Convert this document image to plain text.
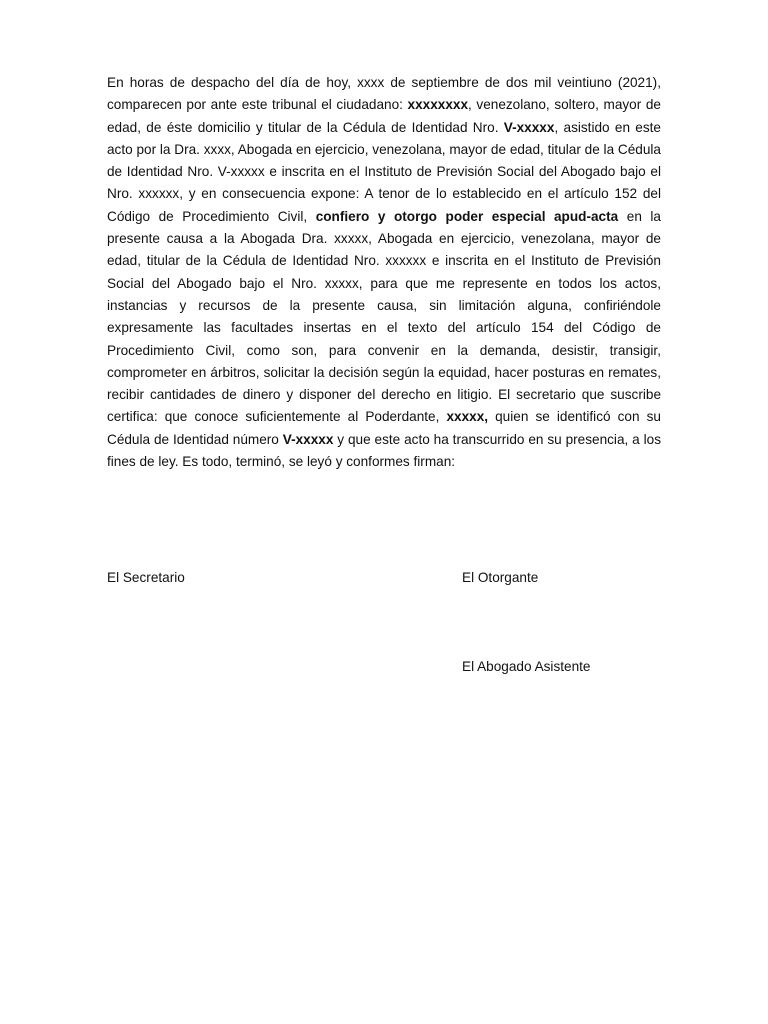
En horas de despacho del día de hoy, xxxx de septiembre de dos mil veintiuno (2021), comparecen por ante este tribunal el ciudadano: xxxxxxxx, venezolano, soltero, mayor de edad, de éste domicilio y titular de la Cédula de Identidad Nro. V-xxxxx, asistido en este acto por la Dra. xxxx, Abogada en ejercicio, venezolana, mayor de edad, titular de la Cédula de Identidad Nro. V-xxxxx e inscrita en el Instituto de Previsión Social del Abogado bajo el Nro. xxxxxx, y en consecuencia expone: A tenor de lo establecido en el artículo 152 del Código de Procedimiento Civil, confiero y otorgo poder especial apud-acta en la presente causa a la Abogada Dra. xxxxx, Abogada en ejercicio, venezolana, mayor de edad, titular de la Cédula de Identidad Nro. xxxxxx e inscrita en el Instituto de Previsión Social del Abogado bajo el Nro. xxxxx, para que me represente en todos los actos, instancias y recursos de la presente causa, sin limitación alguna, confiriéndole expresamente las facultades insertas en el texto del artículo 154 del Código de Procedimiento Civil, como son, para convenir en la demanda, desistir, transigir, comprometer en árbitros, solicitar la decisión según la equidad, hacer posturas en remates, recibir cantidades de dinero y disponer del derecho en litigio. El secretario que suscribe certifica: que conoce suficientemente al Poderdante, xxxxx, quien se identificó con su Cédula de Identidad número V-xxxxx y que este acto ha transcurrido en su presencia, a los fines de ley. Es todo, terminó, se leyó y conformes firman:

El Secretario	El Otorgante
El Abogado Asistente
